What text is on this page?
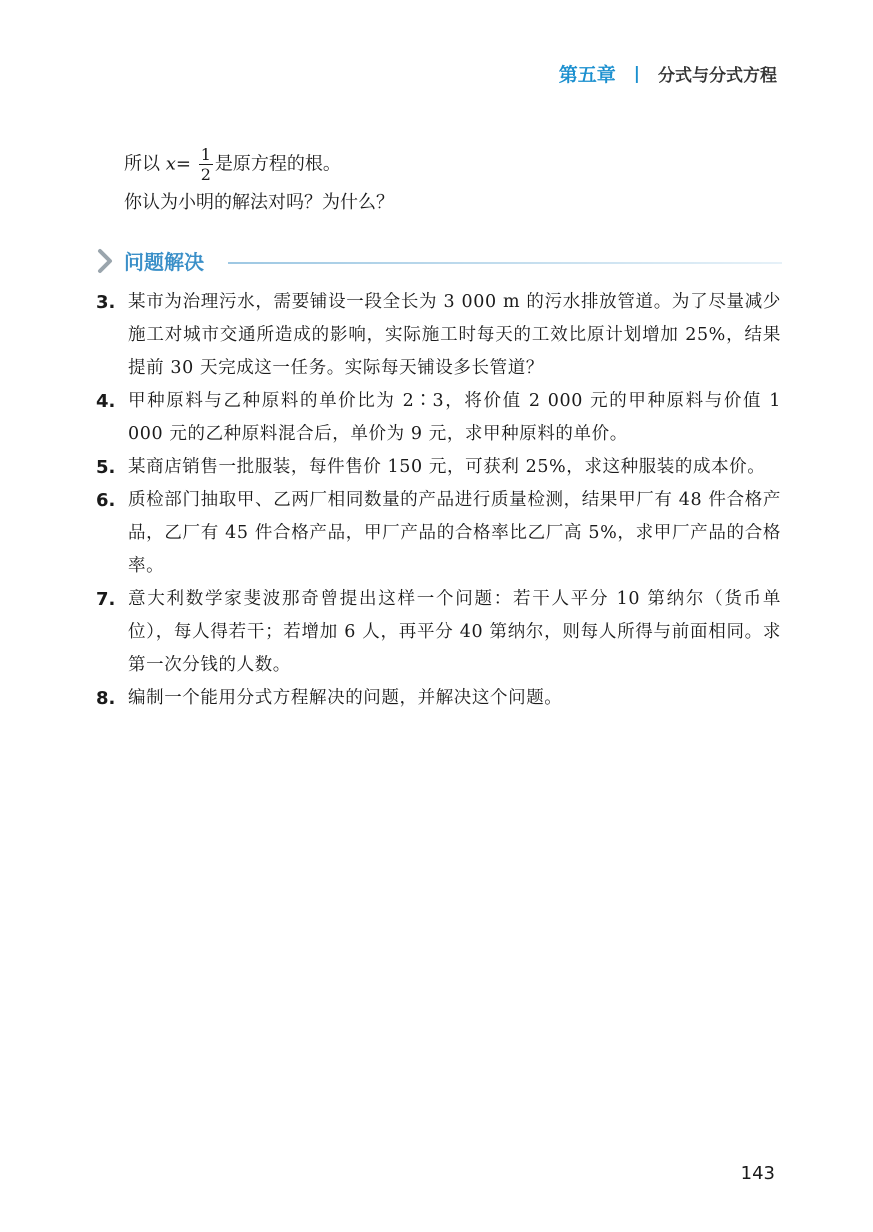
第五章 | 分式与分式方程
所以 $x= \frac{1}{2}$ 是原方程的根。
你认为小明的解法对吗？为什么？
问题解决
3. 某市为治理污水，需要铺设一段全长为 3 000 m 的污水排放管道。为了尽量减少施工对城市交通所造成的影响，实际施工时每天的工效比原计划增加 25%，结果提前 30 天完成这一任务。实际每天铺设多长管道？
4. 甲种原料与乙种原料的单价比为 2∶3，将价值 2 000 元的甲种原料与价值 1 000 元的乙种原料混合后，单价为 9 元，求甲种原料的单价。
5. 某商店销售一批服装，每件售价 150 元，可获利 25%，求这种服装的成本价。
6. 质检部门抽取甲、乙两厂相同数量的产品进行质量检测，结果甲厂有 48 件合格产品，乙厂有 45 件合格产品，甲厂产品的合格率比乙厂高 5%，求甲厂产品的合格率。
7. 意大利数学家斐波那奇曾提出这样一个问题：若干人平分 10 第纳尔（货币单位），每人得若干；若增加 6 人，再平分 40 第纳尔，则每人所得与前面相同。求第一次分钱的人数。
8. 编制一个能用分式方程解决的问题，并解决这个问题。
143
